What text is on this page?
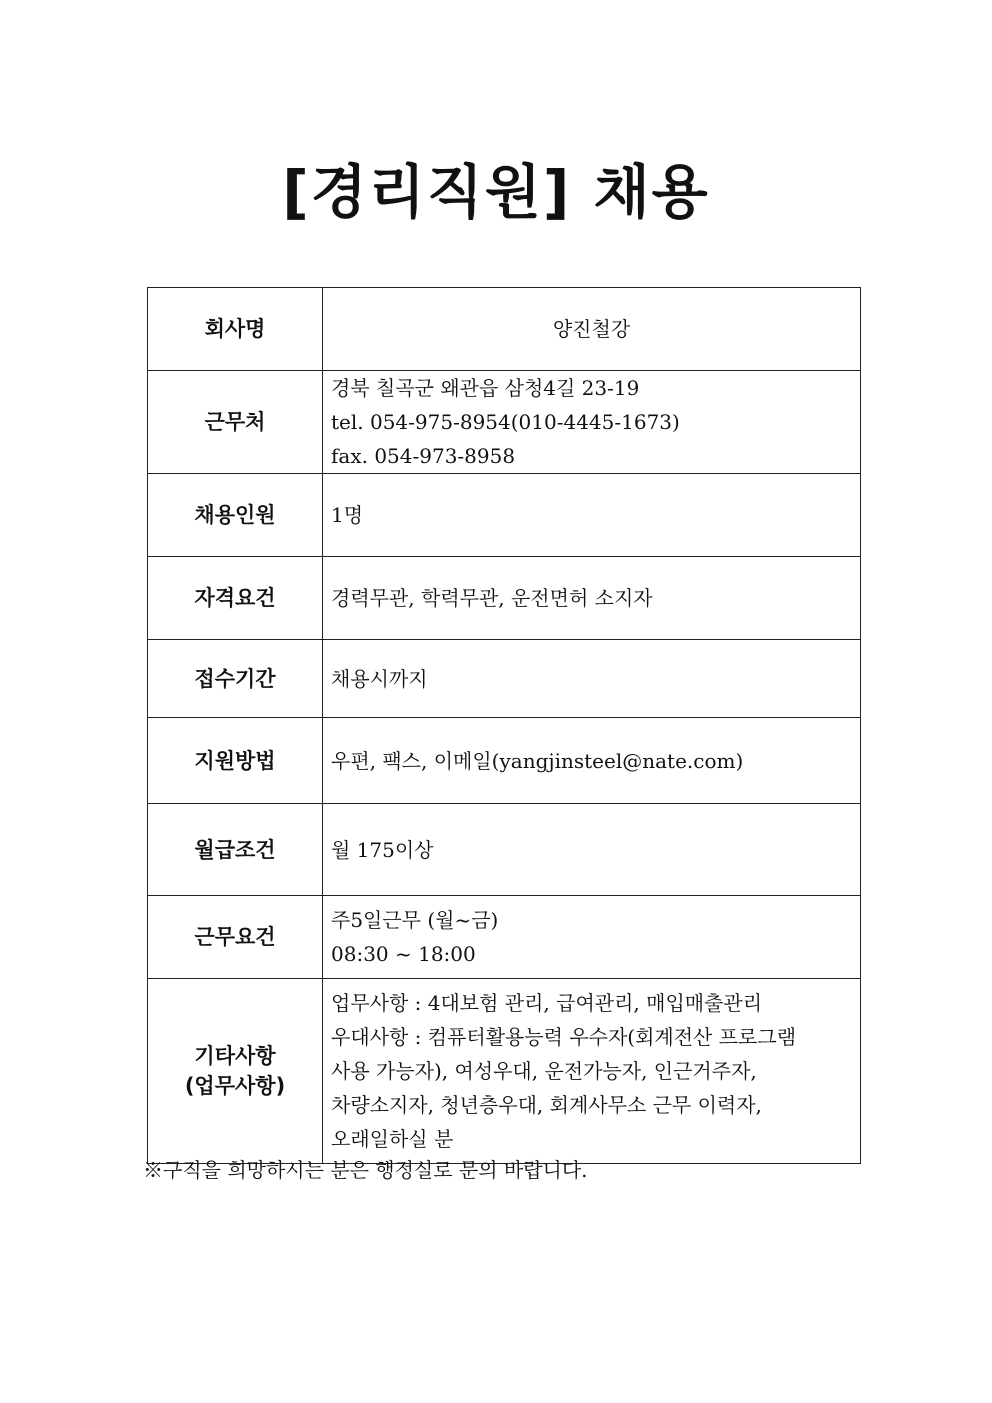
[경리직원] 채용
회사명	양진철강

근무처	경북 칠곡군 왜관읍 삼청4길 23-19
tel. 054-975-8954(010-4445-1673)
fax. 054-973-8958

채용인원	1명

자격요건	경력무관, 학력무관, 운전면허 소지자

접수기간	채용시까지

지원방법	우편, 팩스, 이메일(yangjinsteel@nate.com)

월급조건	월 175이상

근무요건	주5일근무 (월~금)
08:30 ~ 18:00

기타사항
(업무사항)	업무사항 : 4대보험 관리, 급여관리, 매입매출관리
우대사항 : 컴퓨터활용능력 우수자(회계전산 프로그램
사용 가능자), 여성우대, 운전가능자, 인근거주자,
차량소지자, 청년층우대, 회계사무소 근무 이력자,
오래일하실 분
※구직을 희망하시는 분은 행정실로 문의 바랍니다.
